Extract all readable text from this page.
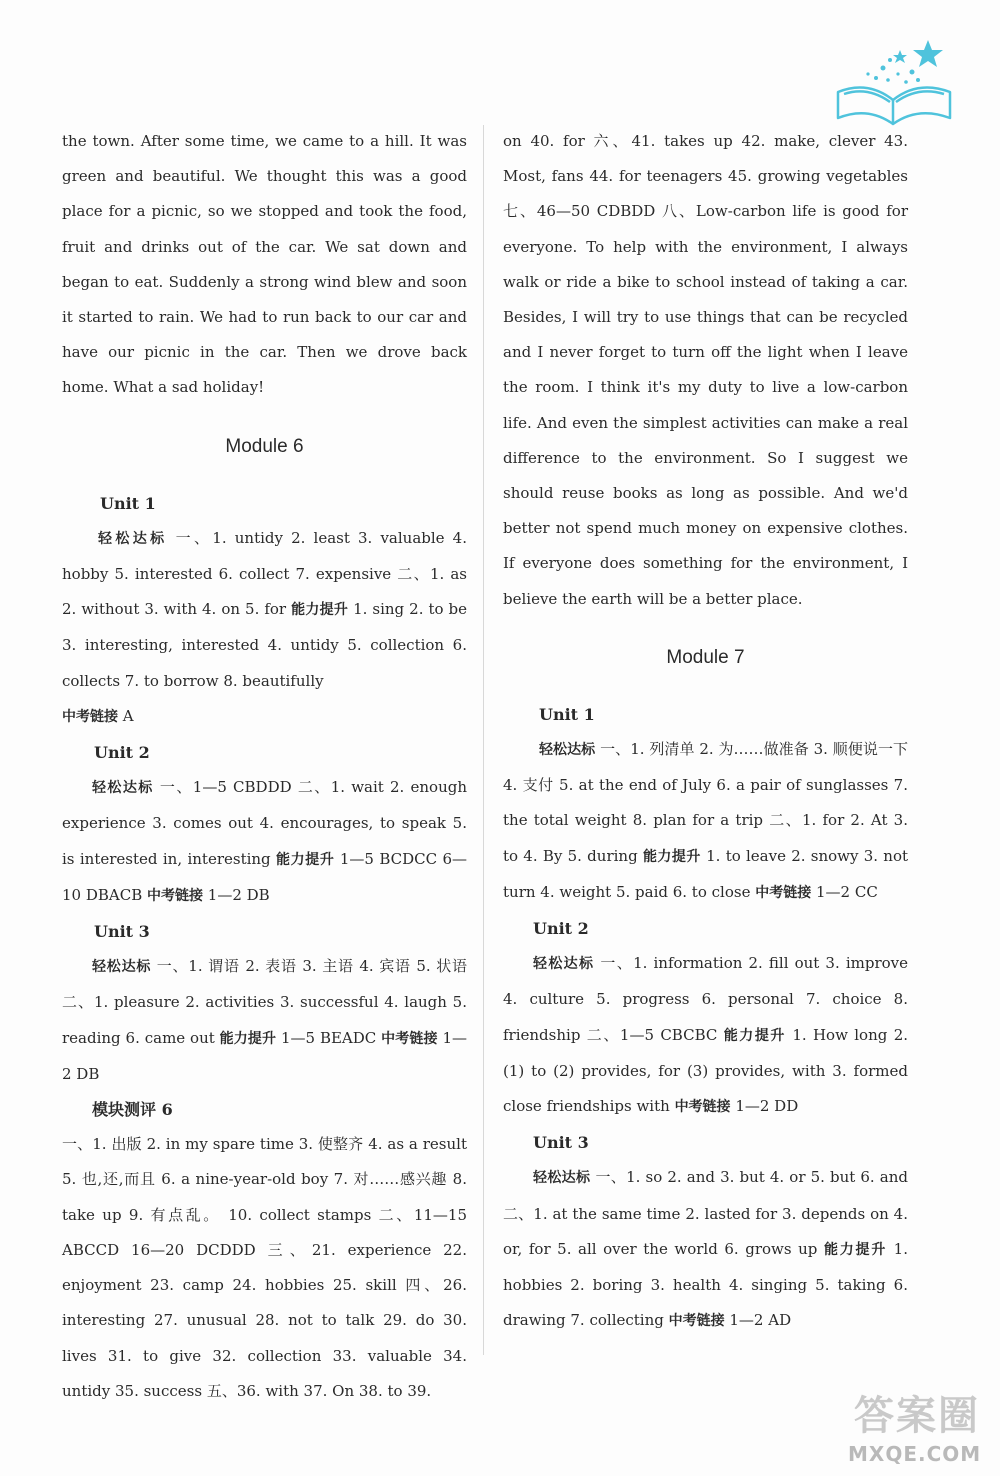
the town. After some time, we came to a hill. It was green and beautiful. We thought this was a good place for a picnic, so we stopped and took the food, fruit and drinks out of the car. We sat down and began to eat. Suddenly a strong wind blew and soon it started to rain. We had to run back to our car and have our picnic in the car. Then we drove back home. What a sad holiday!

Module 6

Unit 1

轻松达标 一、1. untidy 2. least 3. valuable 4. hobby 5. interested 6. collect 7. expensive 二、1. as 2. without 3. with 4. on 5. for 能力提升 1. sing 2. to be 3. interesting, interested 4. untidy 5. collection 6. collects 7. to borrow 8. beautifully
中考链接 A

Unit 2

轻松达标 一、1—5 CBDDD 二、1. wait 2. enough experience 3. comes out 4. encourages, to speak 5. is interested in, interesting 能力提升 1—5 BCDCC 6—10 DBACB 中考链接 1—2 DB

Unit 3

轻松达标 一、1. 谓语 2. 表语 3. 主语 4. 宾语 5. 状语 二、1. pleasure 2. activities 3. successful 4. laugh 5. reading 6. came out 能力提升 1—5 BEADC 中考链接 1—2 DB

模块测评 6

一、1. 出版 2. in my spare time 3. 使整齐 4. as a result 5. 也,还,而且 6. a nine-year-old boy 7. 对……感兴趣 8. take up 9. 有点乱。 10. collect stamps 二、11—15 ABCCD 16—20 DCDDD 三、21. experience 22. enjoyment 23. camp 24. hobbies 25. skill 四、26. interesting 27. unusual 28. not to talk 29. do 30. lives 31. to give 32. collection 33. valuable 34. untidy 35. success 五、36. with 37. On 38. to 39.

on 40. for 六、41. takes up 42. make, clever 43. Most, fans 44. for teenagers 45. growing vegetables 七、46—50 CDBDD 八、Low-carbon life is good for everyone. To help with the environment, I always walk or ride a bike to school instead of taking a car. Besides, I will try to use things that can be recycled and I never forget to turn off the light when I leave the room. I think it's my duty to live a low-carbon life. And even the simplest activities can make a real difference to the environment. So I suggest we should reuse books as long as possible. And we'd better not spend much money on expensive clothes. If everyone does something for the environment, I believe the earth will be a better place.

Module 7

Unit 1

轻松达标 一、1. 列清单 2. 为……做准备 3. 顺便说一下 4. 支付 5. at the end of July 6. a pair of sunglasses 7. the total weight 8. plan for a trip 二、1. for 2. At 3. to 4. By 5. during 能力提升 1. to leave 2. snowy 3. not turn 4. weight 5. paid 6. to close 中考链接 1—2 CC

Unit 2

轻松达标 一、1. information 2. fill out 3. improve 4. culture 5. progress 6. personal 7. choice 8. friendship 二、1—5 CBCBC 能力提升 1. How long 2. (1) to (2) provides, for (3) provides, with 3. formed close friendships with 中考链接 1—2 DD

Unit 3

轻松达标 一、1. so 2. and 3. but 4. or 5. but 6. and 二、1. at the same time 2. lasted for 3. depends on 4. or, for 5. all over the world 6. grows up 能力提升 1. hobbies 2. boring 3. health 4. singing 5. taking 6. drawing 7. collecting 中考链接 1—2 AD

答案圈
MXQE.COM
